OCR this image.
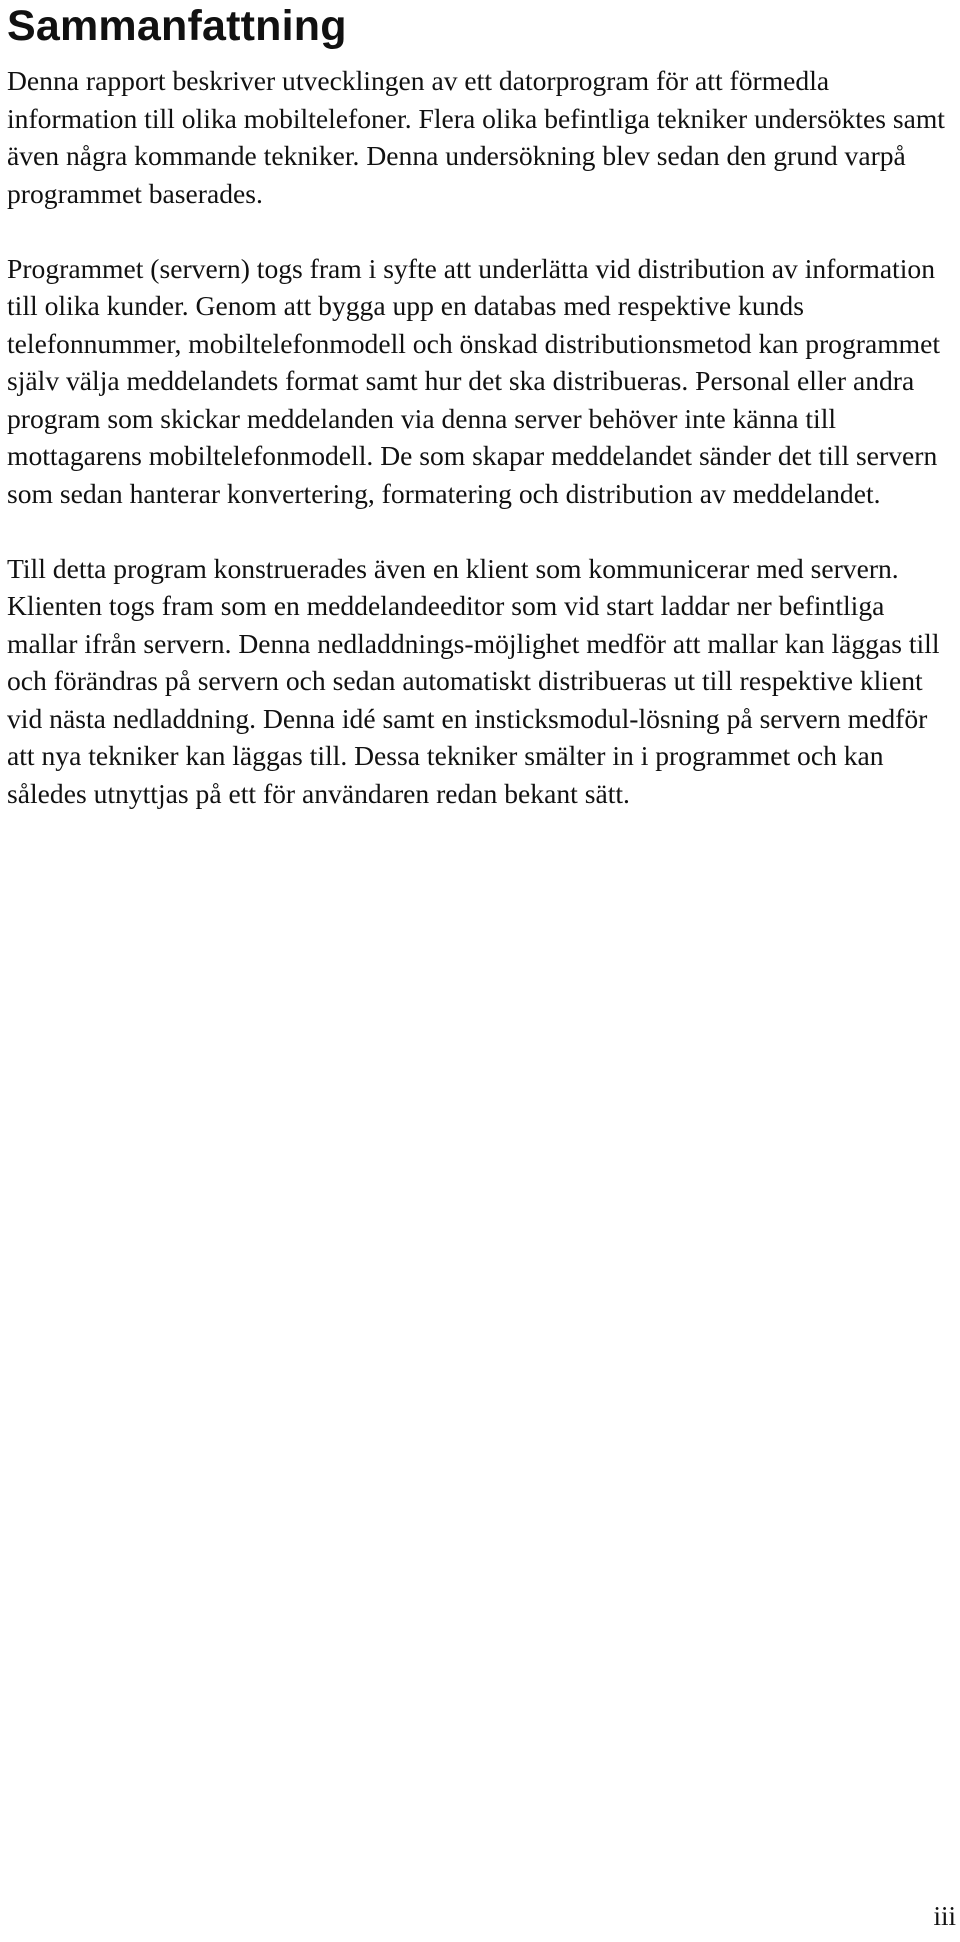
Sammanfattning

Denna rapport beskriver utvecklingen av ett datorprogram för att förmedla information till olika mobiltelefoner. Flera olika befintliga tekniker undersöktes samt även några kommande tekniker. Denna undersökning blev sedan den grund varpå programmet baserades.

Programmet (servern) togs fram i syfte att underlätta vid distribution av information till olika kunder. Genom att bygga upp en databas med respektive kunds telefonnummer, mobiltelefonmodell och önskad distributionsmetod kan programmet själv välja meddelandets format samt hur det ska distribueras. Personal eller andra program som skickar meddelanden via denna server behöver inte känna till mottagarens mobiltelefonmodell. De som skapar meddelandet sänder det till servern som sedan hanterar konvertering, formatering och distribution av meddelandet.

Till detta program konstruerades även en klient som kommunicerar med servern. Klienten togs fram som en meddelandeeditor som vid start laddar ner befintliga mallar ifrån servern. Denna nedladdnings-möjlighet medför att mallar kan läggas till och förändras på servern och sedan automatiskt distribueras ut till respektive klient vid nästa nedladdning. Denna idé samt en insticksmodul-lösning på servern medför att nya tekniker kan läggas till. Dessa tekniker smälter in i programmet och kan således utnyttjas på ett för användaren redan bekant sätt.

iii
